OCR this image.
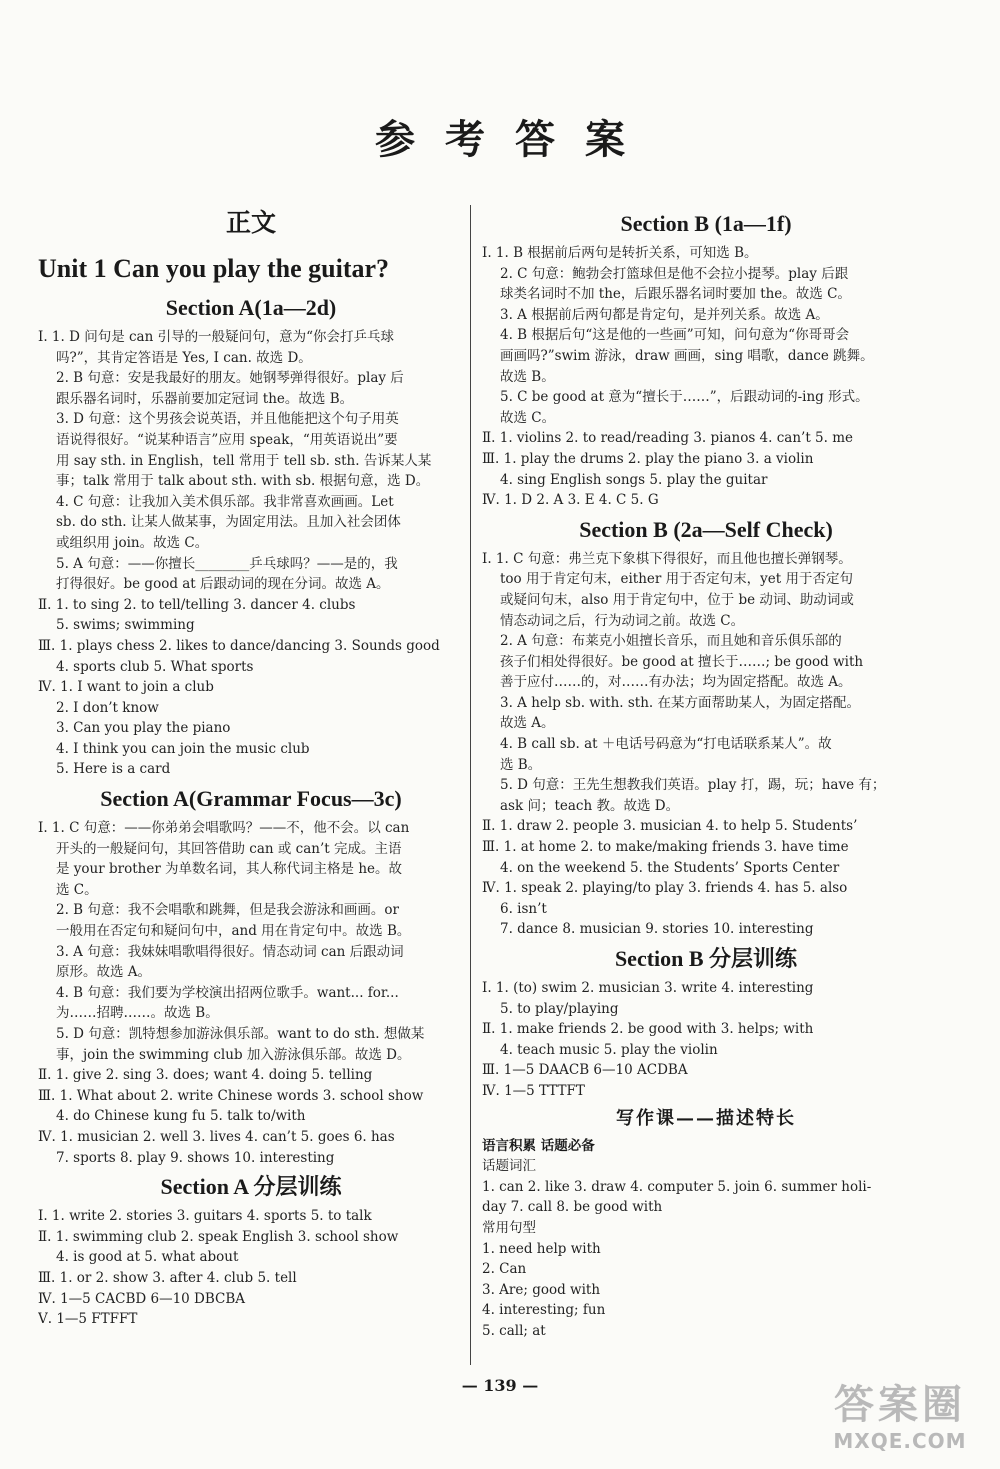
参考答案
正文
Unit 1 Can you play the guitar?
Section A(1a—2d)
Ⅰ. 1. D 问句是 can 引导的一般疑问句，意为“你会打乒乓球
吗?”，其肯定答语是 Yes, I can. 故选 D。
2. B 句意：安是我最好的朋友。她钢琴弹得很好。play 后
跟乐器名词时，乐器前要加定冠词 the。故选 B。
3. D 句意：这个男孩会说英语，并且他能把这个句子用英
语说得很好。“说某种语言”应用 speak，“用英语说出”要
用 say sth. in English，tell 常用于 tell sb. sth. 告诉某人某
事；talk 常用于 talk about sth. with sb. 根据句意，选 D。
4. C 句意：让我加入美术俱乐部。我非常喜欢画画。Let
sb. do sth. 让某人做某事，为固定用法。且加入社会团体
或组织用 join。故选 C。
5. A 句意：——你擅长________乒乓球吗？——是的，我
打得很好。be good at 后跟动词的现在分词。故选 A。
Ⅱ. 1. to sing 2. to tell/telling 3. dancer 4. clubs
5. swims; swimming
Ⅲ. 1. plays chess 2. likes to dance/dancing 3. Sounds good
4. sports club 5. What sports
Ⅳ. 1. I want to join a club
2. I don’t know
3. Can you play the piano
4. I think you can join the music club
5. Here is a card
Section A(Grammar Focus—3c)
Ⅰ. 1. C 句意：——你弟弟会唱歌吗？——不，他不会。以 can
开头的一般疑问句，其回答借助 can 或 can’t 完成。主语
是 your brother 为单数名词，其人称代词主格是 he。故
选 C。
2. B 句意：我不会唱歌和跳舞，但是我会游泳和画画。or
一般用在否定句和疑问句中，and 用在肯定句中。故选 B。
3. A 句意：我妹妹唱歌唱得很好。情态动词 can 后跟动词
原形。故选 A。
4. B 句意：我们要为学校演出招两位歌手。want... for...
为……招聘……。故选 B。
5. D 句意：凯特想参加游泳俱乐部。want to do sth. 想做某
事，join the swimming club 加入游泳俱乐部。故选 D。
Ⅱ. 1. give 2. sing 3. does; want 4. doing 5. telling
Ⅲ. 1. What about 2. write Chinese words 3. school show
4. do Chinese kung fu 5. talk to/with
Ⅳ. 1. musician 2. well 3. lives 4. can’t 5. goes 6. has
7. sports 8. play 9. shows 10. interesting
Section A 分层训练
Ⅰ. 1. write 2. stories 3. guitars 4. sports 5. to talk
Ⅱ. 1. swimming club 2. speak English 3. school show
4. is good at 5. what about
Ⅲ. 1. or 2. show 3. after 4. club 5. tell
Ⅳ. 1—5 CACBD 6—10 DBCBA
Ⅴ. 1—5 FTFFT
Section B (1a—1f)
Ⅰ. 1. B 根据前后两句是转折关系，可知选 B。
2. C 句意：鲍勃会打篮球但是他不会拉小提琴。play 后跟
球类名词时不加 the，后跟乐器名词时要加 the。故选 C。
3. A 根据前后两句都是肯定句，是并列关系。故选 A。
4. B 根据后句“这是他的一些画”可知，问句意为“你哥哥会
画画吗?”swim 游泳，draw 画画，sing 唱歌，dance 跳舞。
故选 B。
5. C be good at 意为“擅长于……”，后跟动词的-ing 形式。
故选 C。
Ⅱ. 1. violins 2. to read/reading 3. pianos 4. can’t 5. me
Ⅲ. 1. play the drums 2. play the piano 3. a violin
4. sing English songs 5. play the guitar
Ⅳ. 1. D 2. A 3. E 4. C 5. G
Section B (2a—Self Check)
Ⅰ. 1. C 句意：弗兰克下象棋下得很好，而且他也擅长弹钢琴。
too 用于肯定句末，either 用于否定句末，yet 用于否定句
或疑问句末，also 用于肯定句中，位于 be 动词、助动词或
情态动词之后，行为动词之前。故选 C。
2. A 句意：布莱克小姐擅长音乐，而且她和音乐俱乐部的
孩子们相处得很好。be good at 擅长于……; be good with
善于应付……的，对……有办法；均为固定搭配。故选 A。
3. A help sb. with. sth. 在某方面帮助某人，为固定搭配。
故选 A。
4. B call sb. at ＋电话号码意为“打电话联系某人”。故
选 B。
5. D 句意：王先生想教我们英语。play 打，踢，玩；have 有；
ask 问；teach 教。故选 D。
Ⅱ. 1. draw 2. people 3. musician 4. to help 5. Students’
Ⅲ. 1. at home 2. to make/making friends 3. have time
4. on the weekend 5. the Students’ Sports Center
Ⅳ. 1. speak 2. playing/to play 3. friends 4. has 5. also
6. isn’t
7. dance 8. musician 9. stories 10. interesting
Section B 分层训练
Ⅰ. 1. (to) swim 2. musician 3. write 4. interesting
5. to play/playing
Ⅱ. 1. make friends 2. be good with 3. helps; with
4. teach music 5. play the violin
Ⅲ. 1—5 DAACB 6—10 ACDBA
Ⅳ. 1—5 TTTFT
写作课——描述特长
语言积累 话题必备
话题词汇
1. can 2. like 3. draw 4. computer 5. join 6. summer holi-
day 7. call 8. be good with
常用句型
1. need help with
2. Can
3. Are; good with
4. interesting; fun
5. call; at
— 139 —	答案圈
MXQE.COM
